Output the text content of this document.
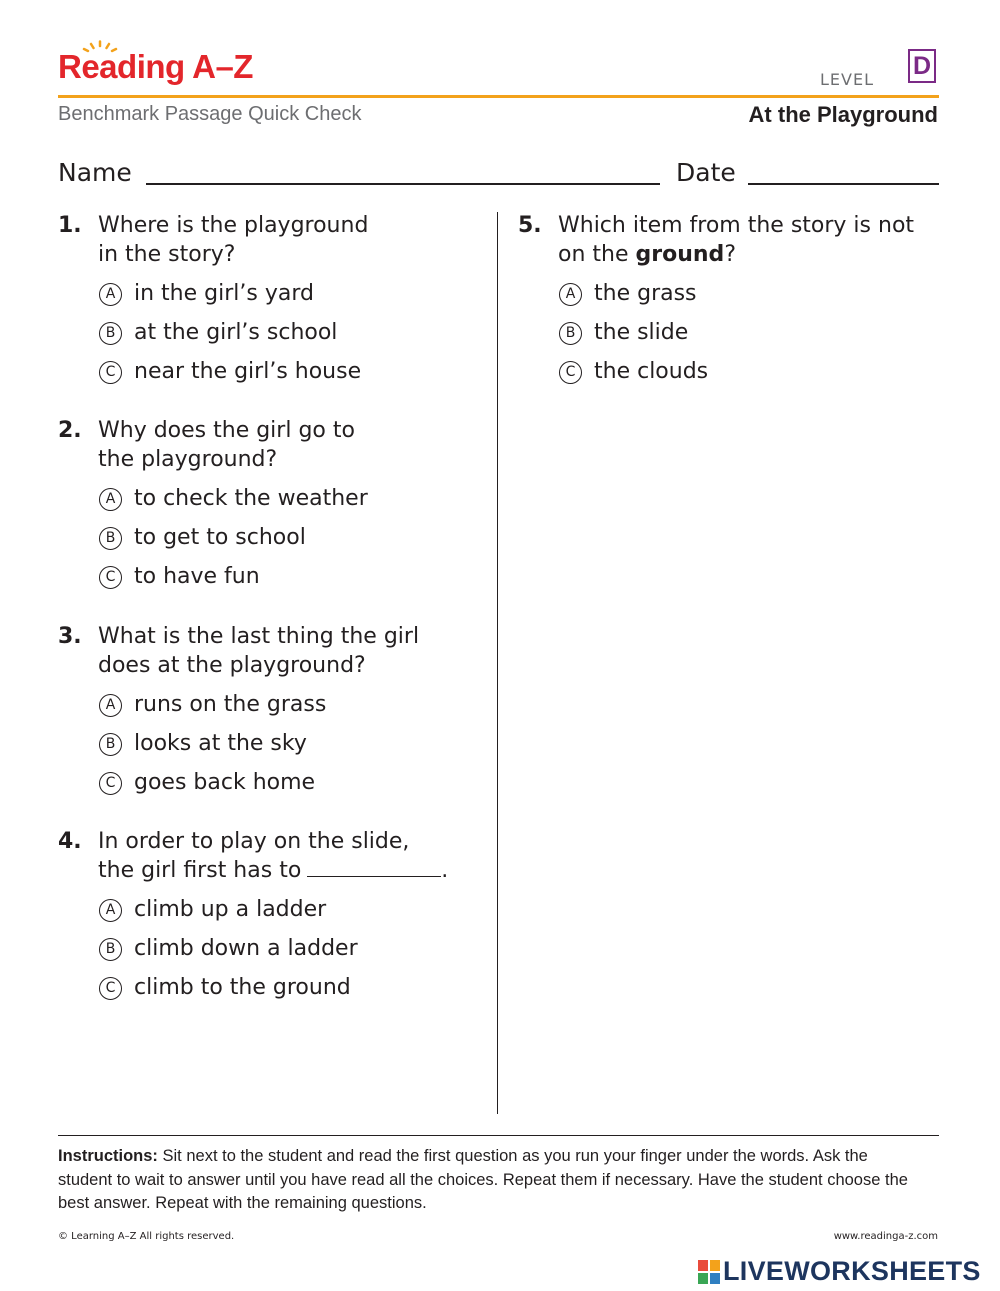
Reading A–Z	LEVEL D
Benchmark Passage Quick Check	At the Playground
Name	Date
1. Where is the playground
in the story?
A in the girl’s yard
B at the girl’s school
C near the girl’s house
2. Why does the girl go to
the playground?
A to check the weather
B to get to school
C to have fun
3. What is the last thing the girl
does at the playground?
A runs on the grass
B looks at the sky
C goes back home
4. In order to play on the slide,
the girl first has to	.
A climb up a ladder
B climb down a ladder
C climb to the ground
5. Which item from the story is not
on the ground?
A the grass
B the slide
C the clouds
Instructions: Sit next to the student and read the first question as you run your finger under the words. Ask the student to wait to answer until you have read all the choices. Repeat them if necessary. Have the student choose the best answer. Repeat with the remaining questions.
© Learning A–Z All rights reserved.	www.readinga-z.com
LIVEWORKSHEETS
